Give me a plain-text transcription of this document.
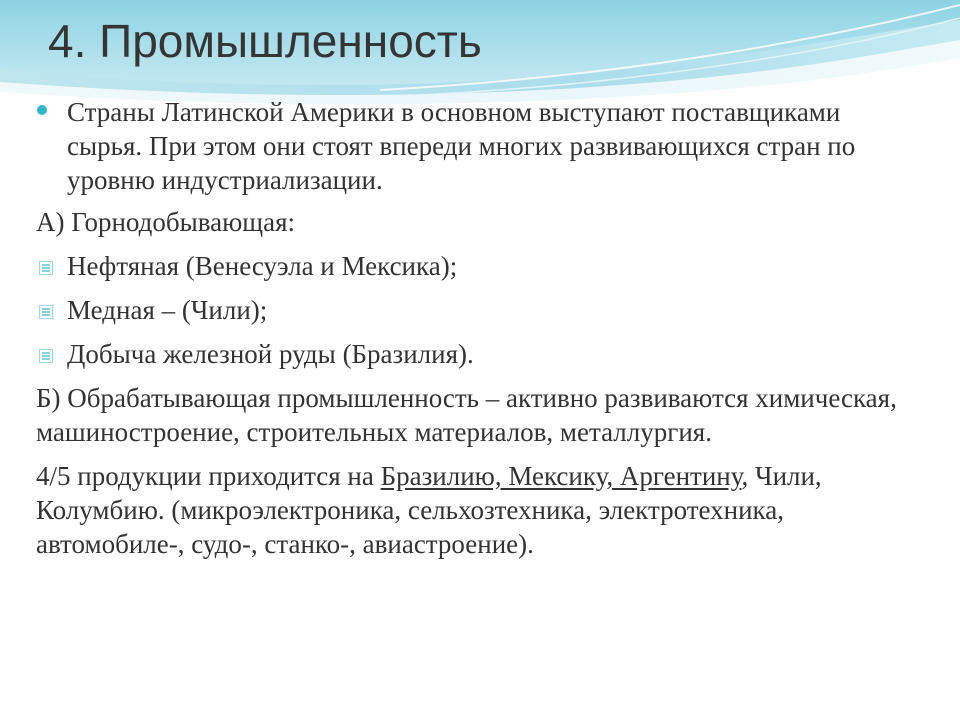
4. Промышленность

Страны Латинской Америки в основном выступают поставщиками сырья. При этом они стоят впереди многих развивающихся стран по уровню индустриализации.

А) Горнодобывающая:

Нефтяная (Венесуэла и Мексика);

Медная – (Чили);

Добыча железной руды (Бразилия).

Б) Обрабатывающая промышленность – активно развиваются химическая, машиностроение, строительных материалов, металлургия.

4/5 продукции приходится на Бразилию, Мексику, Аргентину, Чили, Колумбию. (микроэлектроника, сельхозтехника, электротехника, автомобиле-, судо-, станко-, авиастроение).
